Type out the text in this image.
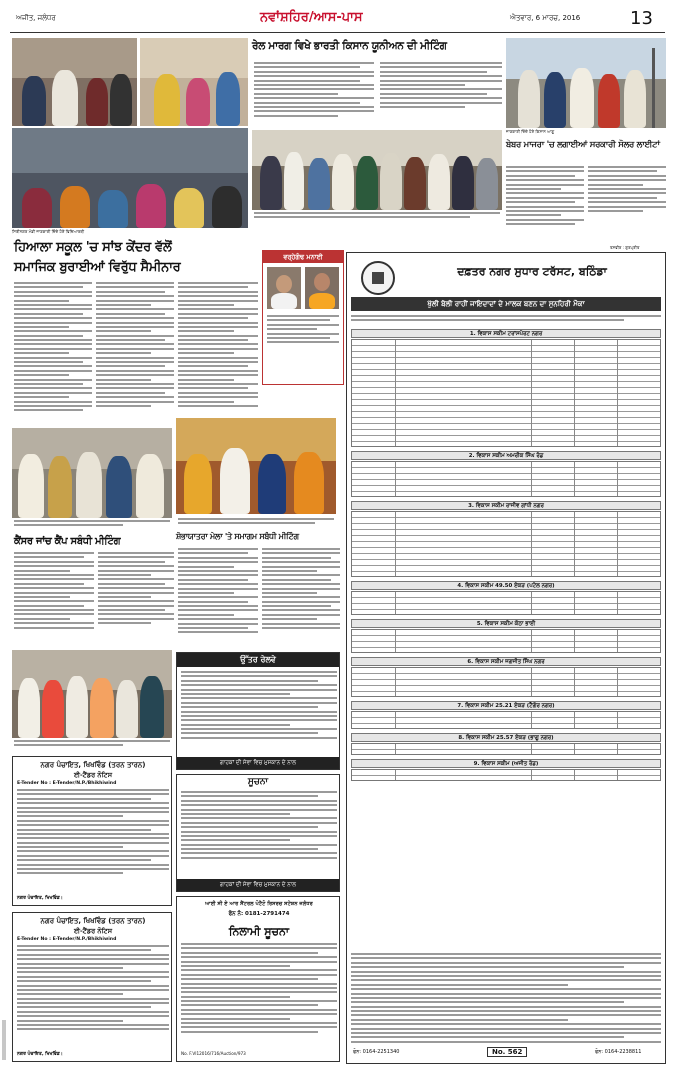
ਅਜੀਤ, ਜਲੰਧਰ	ਨਵਾਂਸ਼ਹਿਰ/ਆਸ-ਪਾਸ	ਐਤਵਾਰ, 6 ਮਾਰਚ, 2016	13
ਸਿਰੀਨਗਰ ਮੰਡੀ ਜਾਣਕਾਰੀ ਦਿੰਦੇ ਹੋਏ ਵਿਦਿਆਰਥੀ
ਰੇਲ ਮਾਰਗ ਵਿਖੇ ਭਾਰਤੀ ਕਿਸਾਨ ਯੂਨੀਅਨ ਦੀ ਮੀਟਿੰਗ
ਜਾਣਕਾਰੀ ਦਿੰਦੇ ਹੋਏ ਕਿਸਾਨ ਆਗੂ
ਬੇਬਰ ਮਾਜਰਾ 'ਚ ਲਗਾਈਆਂ ਸਰਕਾਰੀ ਸੋਲਰ ਲਾਈਟਾਂ
ਤਸਵੀਰ : ਗੁਰਪ੍ਰੀਤ
ਹਿਆਲਾ ਸਕੂਲ 'ਚ ਸਾਂਝ ਕੇਂਦਰ ਵੱਲੋਂ
ਸਮਾਜਿਕ ਬੁਰਾਈਆਂ ਵਿਰੁੱਧ ਸੈਮੀਨਾਰ
ਵਰ੍ਹੇਗੰਢ ਮਨਾਈ
ਕੈਂਸਰ ਜਾਂਚ ਕੈਂਪ ਸਬੰਧੀ ਮੀਟਿੰਗ	ਸ਼ੋਭਾਯਾਤਰਾ ਮੇਲਾ 'ਤੇ ਸਮਾਗਮ ਸਬੰਧੀ ਮੀਟਿੰਗ
ਨਗਰ ਪੰਚਾਇਤ, ਖਿਖਵਿੰਡ (ਤਰਨ ਤਾਰਨ)
ਈ-ਟੈਂਡਰ ਨੋਟਿਸ
E-Tender No : E-Tender/N.P./Bhikhiwind
ਨਗਰ ਪੰਚਾਇਤ, ਖਿਖਵਿੰਡ।
ਨਗਰ ਪੰਚਾਇਤ, ਖਿਖਵਿੰਡ (ਤਰਨ ਤਾਰਨ)
ਈ-ਟੈਂਡਰ ਨੋਟਿਸ
E-Tender No : E-Tender/N.P./Bhikhiwind
ਨਗਰ ਪੰਚਾਇਤ, ਖਿਖਵਿੰਡ।
ਉੱਤਰ ਰੇਲਵੇ
ਗਾਹਕਾਂ ਦੀ ਸੇਵਾ ਵਿਚ ਮੁਸਕਾਨ ਦੇ ਨਾਲ
ਸੂਚਨਾ
ਗਾਹਕਾਂ ਦੀ ਸੇਵਾ ਵਿਚ ਮੁਸਕਾਨ ਦੇ ਨਾਲ
ਆਈ ਸੀ ਏ ਆਰ ਸੈਂਟਰਲ ਪੋਟੈਟੋ ਰਿਸਰਚ ਸਟੇਸ਼ਨ ਜਲੰਧਰ
ਫੋਨ ਨੰ: 0181-2791474
ਨਿਲਾਮੀ ਸੂਚਨਾ
No. F.VI12016/716/Auction/973
ਦਫ਼ਤਰ ਨਗਰ ਸੁਧਾਰ ਟਰੱਸਟ, ਬਠਿੰਡਾ
ਖੁੱਲੀ ਬੋਲੀ ਰਾਹੀਂ ਜਾਇਦਾਦਾਂ ਦੇ ਮਾਲਕ ਬਣਨ ਦਾ ਸੁਨਹਿਰੀ ਮੌਕਾ
1. ਵਿਕਾਸ ਸਕੀਮ ਟਰਾਂਸਪੋਰਟ ਨਗਰ
2. ਵਿਕਾਸ ਸਕੀਮ ਅਮਰੀਕ ਸਿੰਘ ਰੋਡ
3. ਵਿਕਾਸ ਸਕੀਮ ਰਾਜੀਵ ਗਾਂਧੀ ਨਗਰ
4. ਵਿਕਾਸ ਸਕੀਮ 49.50 ਏਕੜ (ਪਟੇਲ ਨਗਰ)
5. ਵਿਕਾਸ ਸਕੀਮ ਕੋਠਾ ਭਾਈ
6. ਵਿਕਾਸ ਸਕੀਮ ਜਗਜੀਤ ਸਿੰਘ ਨਗਰ
7. ਵਿਕਾਸ ਸਕੀਮ 25.21 ਏਕੜ (ਟੈਗੋਰ ਨਗਰ)
8. ਵਿਕਾਸ ਸਕੀਮ 25.57 ਏਕੜ (ਭਾਗੂ ਨਗਰ)
9. ਵਿਕਾਸ ਸਕੀਮ (ਅਜੀਤ ਰੋਡ)
ਫੋਨ: 0164-2251340	No. 562	ਫੋਨ: 0164-2238811
